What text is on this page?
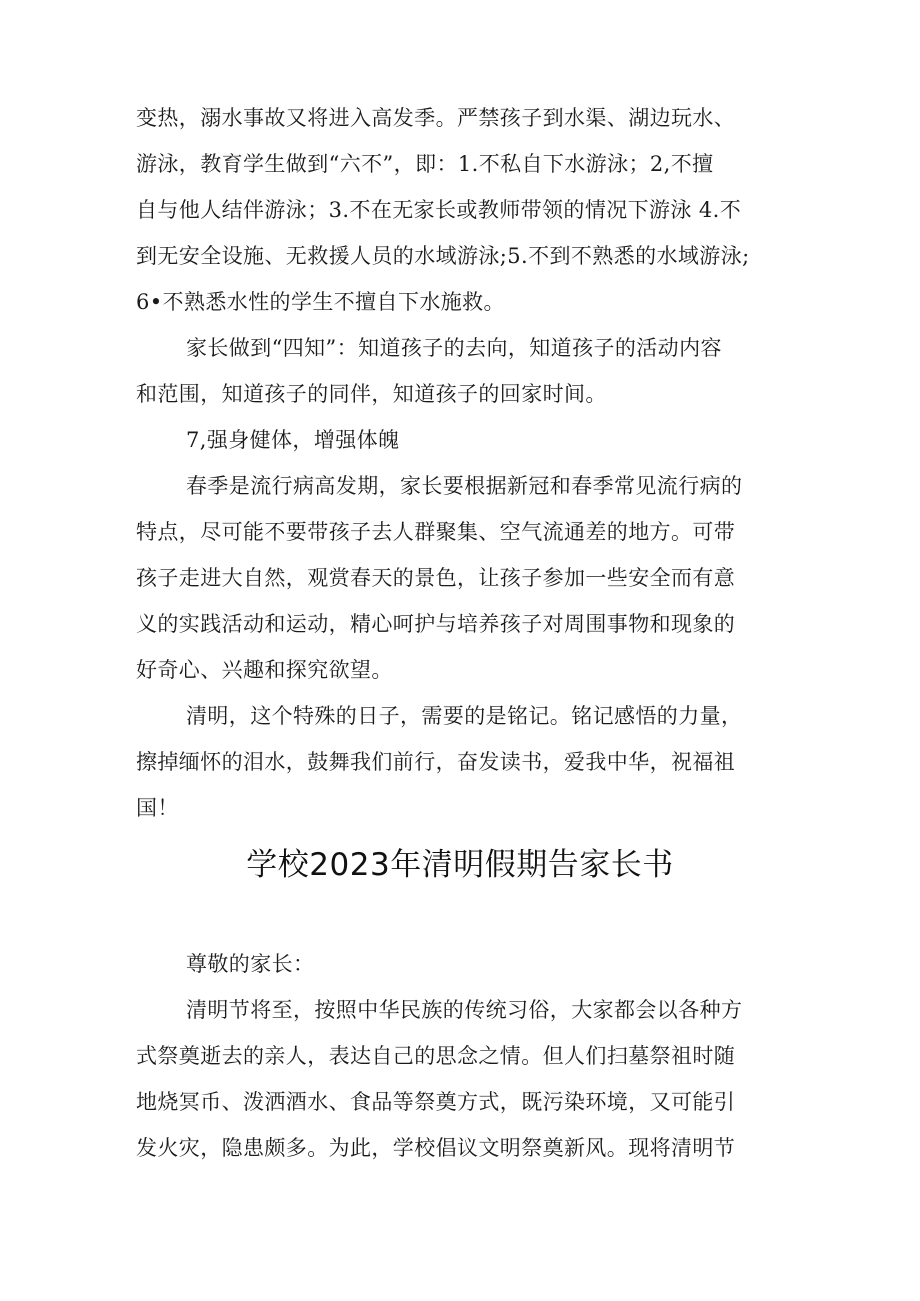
变热，溺水事故又将进入高发季。严禁孩子到水渠、湖边玩水、
游泳，教育学生做到“六不”，即：1.不私自下水游泳；2,不擅
自与他人结伴游泳；3.不在无家长或教师带领的情况下游泳 4.不
到无安全设施、无救援人员的水域游泳;5.不到不熟悉的水域游泳;
6•不熟悉水性的学生不擅自下水施救。
家长做到“四知”：知道孩子的去向，知道孩子的活动内容
和范围，知道孩子的同伴，知道孩子的回家时间。
7,强身健体，增强体魄
春季是流行病高发期，家长要根据新冠和春季常见流行病的
特点，尽可能不要带孩子去人群聚集、空气流通差的地方。可带
孩子走进大自然，观赏春天的景色，让孩子参加一些安全而有意
义的实践活动和运动，精心呵护与培养孩子对周围事物和现象的
好奇心、兴趣和探究欲望。
清明，这个特殊的日子，需要的是铭记。铭记感悟的力量，
擦掉缅怀的泪水，鼓舞我们前行，奋发读书，爱我中华，祝福祖
国！
学校2023年清明假期告家长书
尊敬的家长：
清明节将至，按照中华民族的传统习俗，大家都会以各种方
式祭奠逝去的亲人，表达自己的思念之情。但人们扫墓祭祖时随
地烧冥币、泼洒酒水、食品等祭奠方式，既污染环境，又可能引
发火灾，隐患颇多。为此，学校倡议文明祭奠新风。现将清明节
